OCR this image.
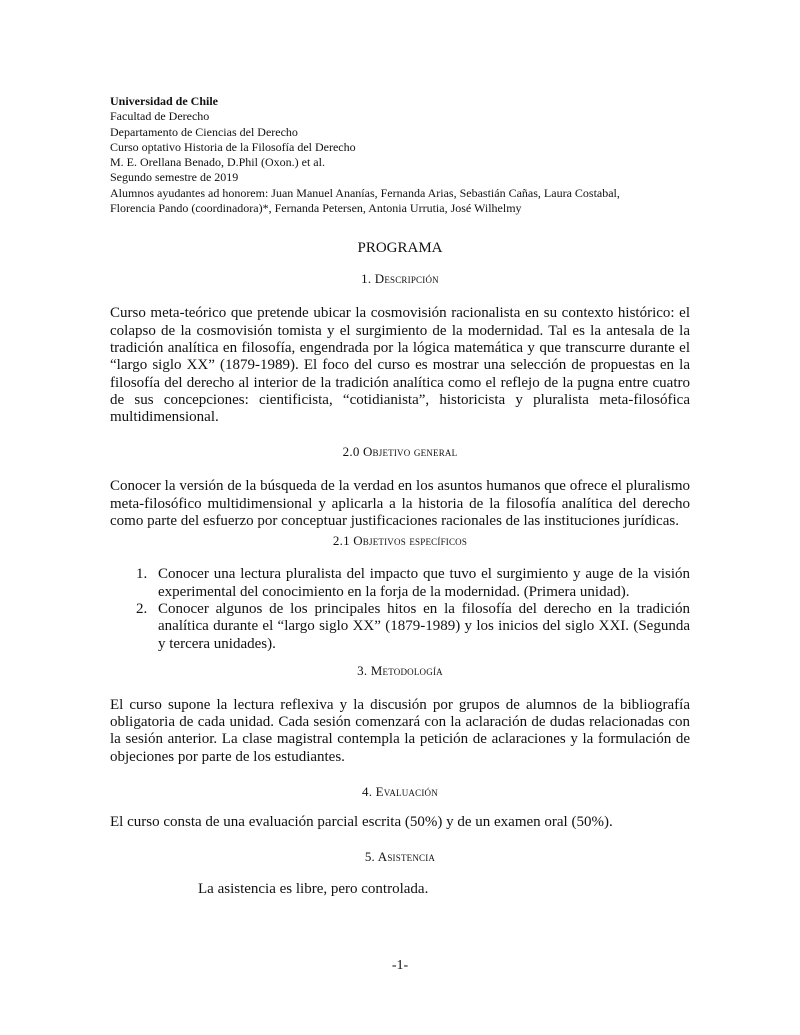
Universidad de Chile
Facultad de Derecho
Departamento de Ciencias del Derecho
Curso optativo Historia de la Filosofía del Derecho
M. E. Orellana Benado, D.Phil (Oxon.) et al.
Segundo semestre de 2019
Alumnos ayudantes ad honorem: Juan Manuel Ananías, Fernanda Arias, Sebastián Cañas, Laura Costabal,
Florencia Pando (coordinadora)*, Fernanda Petersen, Antonia Urrutia, José Wilhelmy
PROGRAMA
1. Descripción

Curso meta-teórico que pretende ubicar la cosmovisión racionalista en su contexto histórico: el colapso de la cosmovisión tomista y el surgimiento de la modernidad. Tal es la antesala de la tradición analítica en filosofía, engendrada por la lógica matemática y que transcurre durante el “largo siglo XX” (1879-1989). El foco del curso es mostrar una selección de propuestas en la filosofía del derecho al interior de la tradición analítica como el reflejo de la pugna entre cuatro de sus concepciones: cientificista, “cotidianista”, historicista y pluralista meta-filosófica multidimensional.

2.0 Objetivo general

Conocer la versión de la búsqueda de la verdad en los asuntos humanos que ofrece el pluralismo meta-filosófico multidimensional y aplicarla a la historia de la filosofía analítica del derecho como parte del esfuerzo por conceptuar justificaciones racionales de las instituciones jurídicas.

2.1 Objetivos específicos
1. Conocer una lectura pluralista del impacto que tuvo el surgimiento y auge de la visión experimental del conocimiento en la forja de la modernidad. (Primera unidad).
2. Conocer algunos de los principales hitos en la filosofía del derecho en la tradición analítica durante el “largo siglo XX” (1879-1989) y los inicios del siglo XXI. (Segunda y tercera unidades).
3. Metodología

El curso supone la lectura reflexiva y la discusión por grupos de alumnos de la bibliografía obligatoria de cada unidad. Cada sesión comenzará con la aclaración de dudas relacionadas con la sesión anterior. La clase magistral contempla la petición de aclaraciones y la formulación de objeciones por parte de los estudiantes.

4. Evaluación

El curso consta de una evaluación parcial escrita (50%) y de un examen oral (50%).

5. Asistencia

La asistencia es libre, pero controlada.

-1-
